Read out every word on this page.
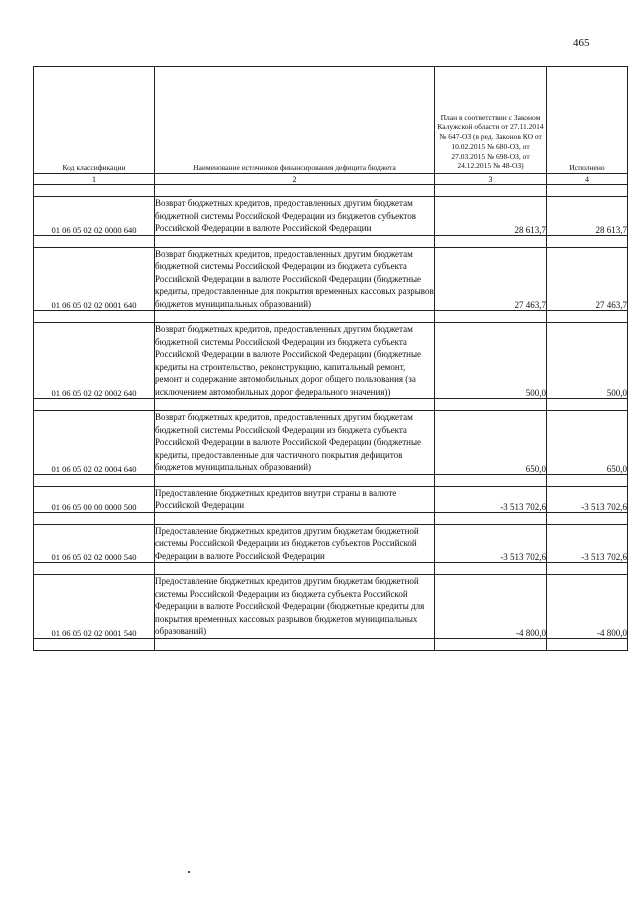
465
Код классификации	Наименование источников финансирования дефицита бюджета	План в соответствии с Законом Калужской области от 27.11.2014 № 647-ОЗ (в ред. Законов КО от 10.02.2015 № 680-ОЗ, от 27.03.2015 № 698-ОЗ, от 24.12.2015 № 48-ОЗ)	Исполнено
1	2	3	4

01 06 05 02 02 0000 640	Возврат бюджетных кредитов, предоставленных другим бюджетам бюджетной системы Российской Федерации из бюджетов субъектов Российской Федерации в валюте Российской Федерации	28 613,7	28 613,7

01 06 05 02 02 0001 640	Возврат бюджетных кредитов, предоставленных другим бюджетам бюджетной системы Российской Федерации из бюджета субъекта Российской Федерации в валюте Российской Федерации (бюджетные кредиты, предоставленные для покрытия временных кассовых разрывов бюджетов муниципальных образований)	27 463,7	27 463,7

01 06 05 02 02 0002 640	Возврат бюджетных кредитов, предоставленных другим бюджетам бюджетной системы Российской Федерации из бюджета субъекта Российской Федерации в валюте Российской Федерации (бюджетные кредиты на строительство, реконструкцию, капитальный ремонт, ремонт и содержание автомобильных дорог общего пользования (за исключением автомобильных дорог федерального значения))	500,0	500,0

01 06 05 02 02 0004 640	Возврат бюджетных кредитов, предоставленных другим бюджетам бюджетной системы Российской Федерации из бюджета субъекта Российской Федерации в валюте Российской Федерации (бюджетные кредиты, предоставленные для частичного покрытия дефицитов бюджетов муниципальных образований)	650,0	650,0

01 06 05 00 00 0000 500	Предоставление бюджетных кредитов внутри страны в валюте Российской Федерации	-3 513 702,6	-3 513 702,6

01 06 05 02 02 0000 540	Предоставление бюджетных кредитов другим бюджетам бюджетной системы Российской Федерации из бюджетов субъектов Российской Федерации в валюте Российской Федерации	-3 513 702,6	-3 513 702,6

01 06 05 02 02 0001 540	Предоставление бюджетных кредитов другим бюджетам бюджетной системы Российской Федерации из бюджета субъекта Российской Федерации в валюте Российской Федерации (бюджетные кредиты для покрытия временных кассовых разрывов бюджетов муниципальных образований)	-4 800,0	-4 800,0
